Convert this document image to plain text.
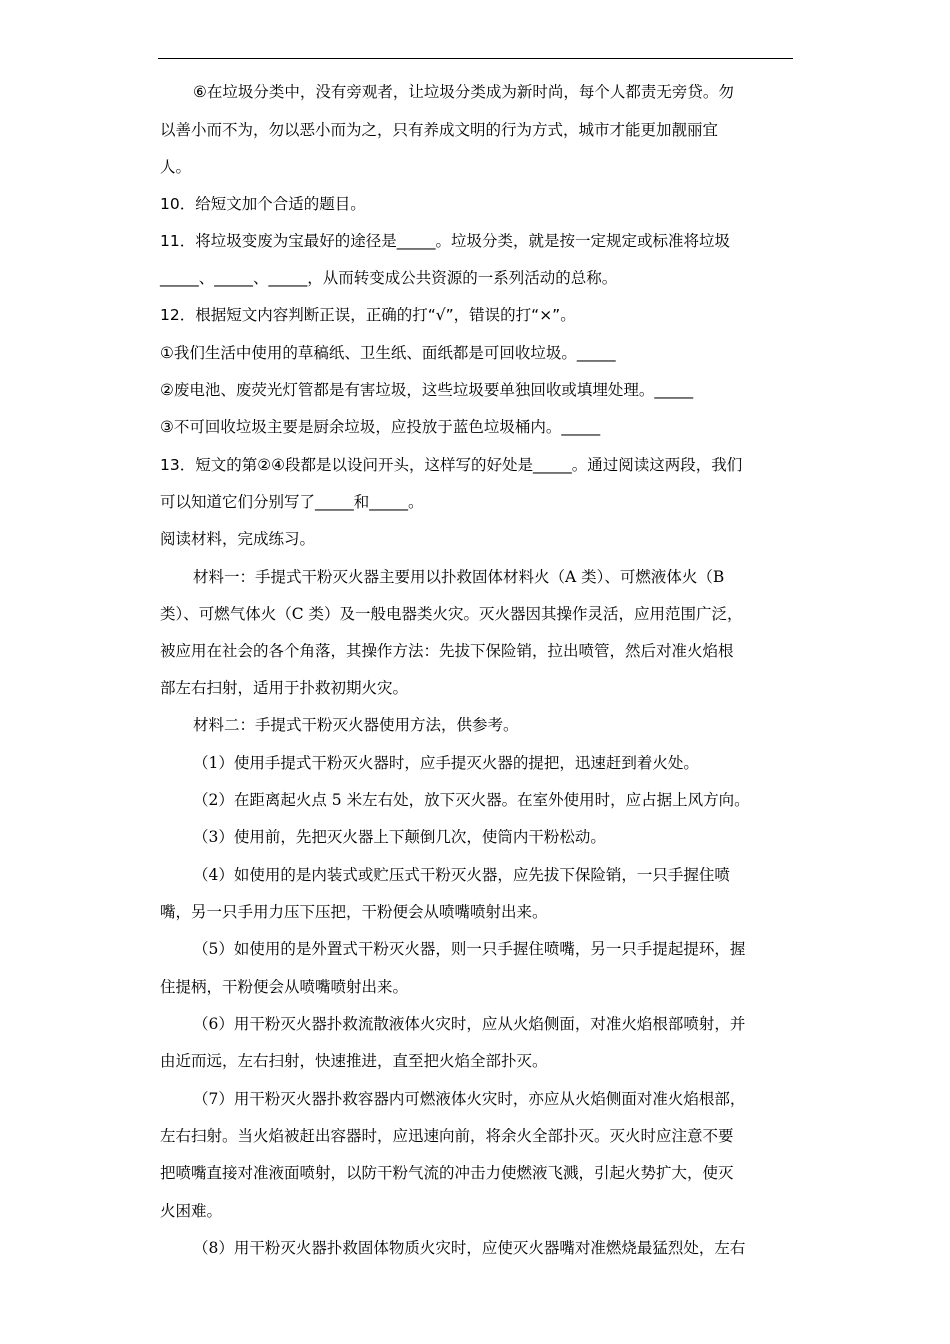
⑥在垃圾分类中，没有旁观者，让垃圾分类成为新时尚，每个人都责无旁贷。勿
以善小而不为，勿以恶小而为之，只有养成文明的行为方式，城市才能更加靓丽宜
人。
10．给短文加个合适的题目。
11．将垃圾变废为宝最好的途径是_____。垃圾分类，就是按一定规定或标准将垃圾
_____、_____、_____，从而转变成公共资源的一系列活动的总称。
12．根据短文内容判断正误，正确的打“√”，错误的打“×”。
①我们生活中使用的草稿纸、卫生纸、面纸都是可回收垃圾。_____
②废电池、废荧光灯管都是有害垃圾，这些垃圾要单独回收或填埋处理。_____
③不可回收垃圾主要是厨余垃圾，应投放于蓝色垃圾桶内。_____
13．短文的第②④段都是以设问开头，这样写的好处是_____。通过阅读这两段，我们
可以知道它们分别写了_____和_____。
阅读材料，完成练习。
材料一：手提式干粉灭火器主要用以扑救固体材料火（A 类）、可燃液体火（B
类）、可燃气体火（C 类）及一般电器类火灾。灭火器因其操作灵活，应用范围广泛，
被应用在社会的各个角落，其操作方法：先拔下保险销，拉出喷管，然后对准火焰根
部左右扫射，适用于扑救初期火灾。
材料二：手提式干粉灭火器使用方法，供参考。
（1）使用手提式干粉灭火器时，应手提灭火器的提把，迅速赶到着火处。
（2）在距离起火点 5 米左右处，放下灭火器。在室外使用时，应占据上风方向。
（3）使用前，先把灭火器上下颠倒几次，使筒内干粉松动。
（4）如使用的是内装式或贮压式干粉灭火器，应先拔下保险销，一只手握住喷
嘴，另一只手用力压下压把，干粉便会从喷嘴喷射出来。
（5）如使用的是外置式干粉灭火器，则一只手握住喷嘴，另一只手提起提环，握
住提柄，干粉便会从喷嘴喷射出来。
（6）用干粉灭火器扑救流散液体火灾时，应从火焰侧面，对准火焰根部喷射，并
由近而远，左右扫射，快速推进，直至把火焰全部扑灭。
（7）用干粉灭火器扑救容器内可燃液体火灾时，亦应从火焰侧面对准火焰根部，
左右扫射。当火焰被赶出容器时，应迅速向前，将余火全部扑灭。灭火时应注意不要
把喷嘴直接对准液面喷射，以防干粉气流的冲击力使燃液飞溅，引起火势扩大，使灭
火困难。
（8）用干粉灭火器扑救固体物质火灾时，应使灭火器嘴对准燃烧最猛烈处，左右
